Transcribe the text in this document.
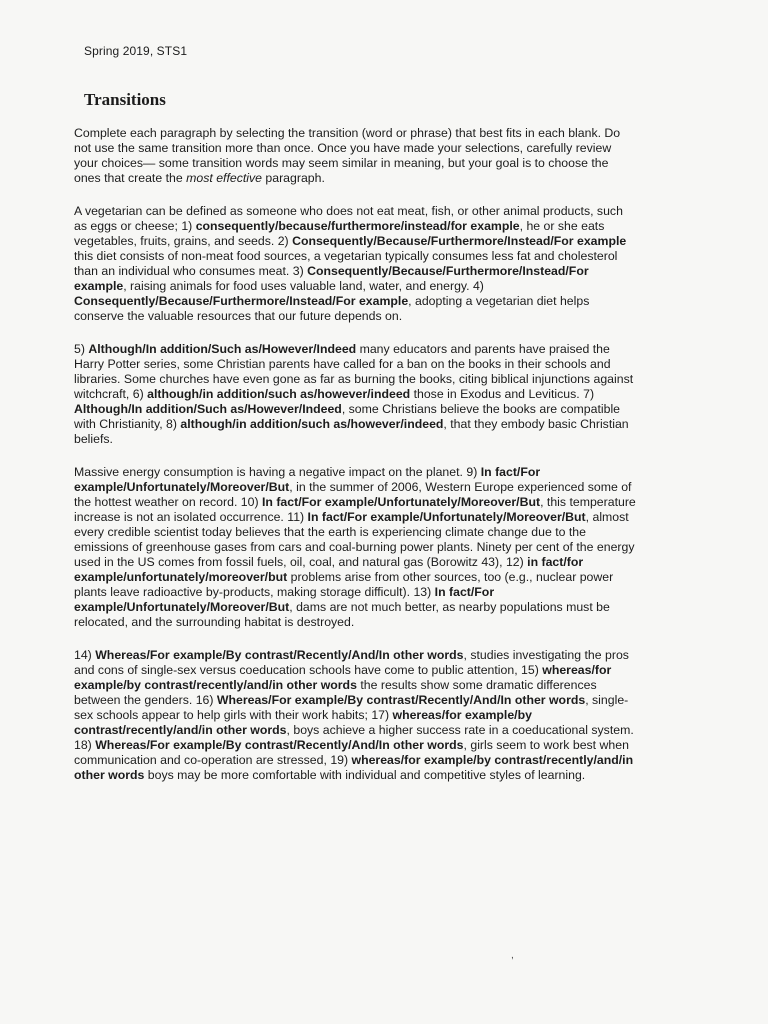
Spring 2019, STS1
Transitions

Complete each paragraph by selecting the transition (word or phrase) that best fits in each blank. Do not use the same transition more than once. Once you have made your selections, carefully review your choices— some transition words may seem similar in meaning, but your goal is to choose the ones that create the most effective paragraph.

A vegetarian can be defined as someone who does not eat meat, fish, or other animal products, such as eggs or cheese; 1) consequently/because/furthermore/instead/for example, he or she eats vegetables, fruits, grains, and seeds. 2) Consequently/Because/Furthermore/Instead/For example this diet consists of non-meat food sources, a vegetarian typically consumes less fat and cholesterol than an individual who consumes meat. 3) Consequently/Because/Furthermore/Instead/For example, raising animals for food uses valuable land, water, and energy. 4) Consequently/Because/Furthermore/Instead/For example, adopting a vegetarian diet helps conserve the valuable resources that our future depends on.

5) Although/In addition/Such as/However/Indeed many educators and parents have praised the Harry Potter series, some Christian parents have called for a ban on the books in their schools and libraries. Some churches have even gone as far as burning the books, citing biblical injunctions against witchcraft, 6) although/in addition/such as/however/indeed those in Exodus and Leviticus. 7) Although/In addition/Such as/However/Indeed, some Christians believe the books are compatible with Christianity, 8) although/in addition/such as/however/indeed, that they embody basic Christian beliefs.

Massive energy consumption is having a negative impact on the planet. 9) In fact/For example/Unfortunately/Moreover/But, in the summer of 2006, Western Europe experienced some of the hottest weather on record. 10) In fact/For example/Unfortunately/Moreover/But, this temperature increase is not an isolated occurrence. 11) In fact/For example/Unfortunately/Moreover/But, almost every credible scientist today believes that the earth is experiencing climate change due to the emissions of greenhouse gases from cars and coal-burning power plants. Ninety per cent of the energy used in the US comes from fossil fuels, oil, coal, and natural gas (Borowitz 43), 12) in fact/for example/unfortunately/moreover/but problems arise from other sources, too (e.g., nuclear power plants leave radioactive by-products, making storage difficult). 13) In fact/For example/Unfortunately/Moreover/But, dams are not much better, as nearby populations must be relocated, and the surrounding habitat is destroyed.

14) Whereas/For example/By contrast/Recently/And/In other words, studies investigating the pros and cons of single-sex versus coeducation schools have come to public attention, 15) whereas/for example/by contrast/recently/and/in other words the results show some dramatic differences between the genders. 16) Whereas/For example/By contrast/Recently/And/In other words, single-sex schools appear to help girls with their work habits; 17) whereas/for example/by contrast/recently/and/in other words, boys achieve a higher success rate in a coeducational system. 18) Whereas/For example/By contrast/Recently/And/In other words, girls seem to work best when communication and co-operation are stressed, 19) whereas/for example/by contrast/recently/and/in other words boys may be more comfortable with individual and competitive styles of learning.

,
